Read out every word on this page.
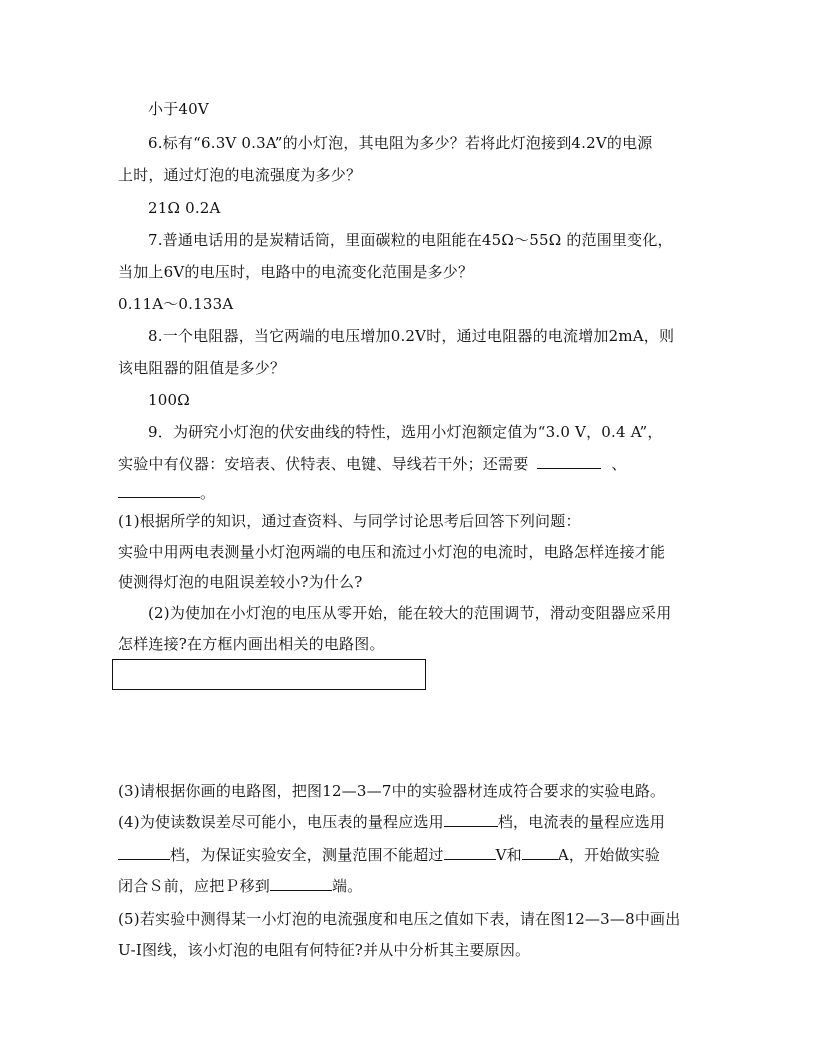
小于40V
6.标有“6.3V 0.3A”的小灯泡，其电阻为多少？若将此灯泡接到4.2V的电源
上时，通过灯泡的电流强度为多少？
21Ω 0.2A
7.普通电话用的是炭精话筒，里面碳粒的电阻能在45Ω～55Ω 的范围里变化，
当加上6V的电压时，电路中的电流变化范围是多少？
0.11A～0.133A
8.一个电阻器，当它两端的电压增加0.2V时，通过电阻器的电流增加2mA，则
该电阻器的阻值是多少？
100Ω
9．为研究小灯泡的伏安曲线的特性，选用小灯泡额定值为“3.0 V，0.4 A”，
实验中有仪器：安培表、伏特表、电键、导线若干外；还需要	、
。
(1)根据所学的知识，通过查资料、与同学讨论思考后回答下列问题：
实验中用两电表测量小灯泡两端的电压和流过小灯泡的电流时，电路怎样连接才能
使测得灯泡的电阻误差较小?为什么?
(2)为使加在小灯泡的电压从零开始，能在较大的范围调节，滑动变阻器应采用
怎样连接?在方框内画出相关的电路图。
(3)请根据你画的电路图，把图12—3—7中的实验器材连成符合要求的实验电路。
(4)为使读数误差尽可能小，电压表的量程应选用	档，电流表的量程应选用
档，为保证实验安全，测量范围不能超过	V和 A，开始做实验
闭合Ｓ前，应把Ｐ移到	端。
(5)若实验中测得某一小灯泡的电流强度和电压之值如下表，请在图12—3—8中画出
U-I图线，该小灯泡的电阻有何特征?并从中分析其主要原因。
